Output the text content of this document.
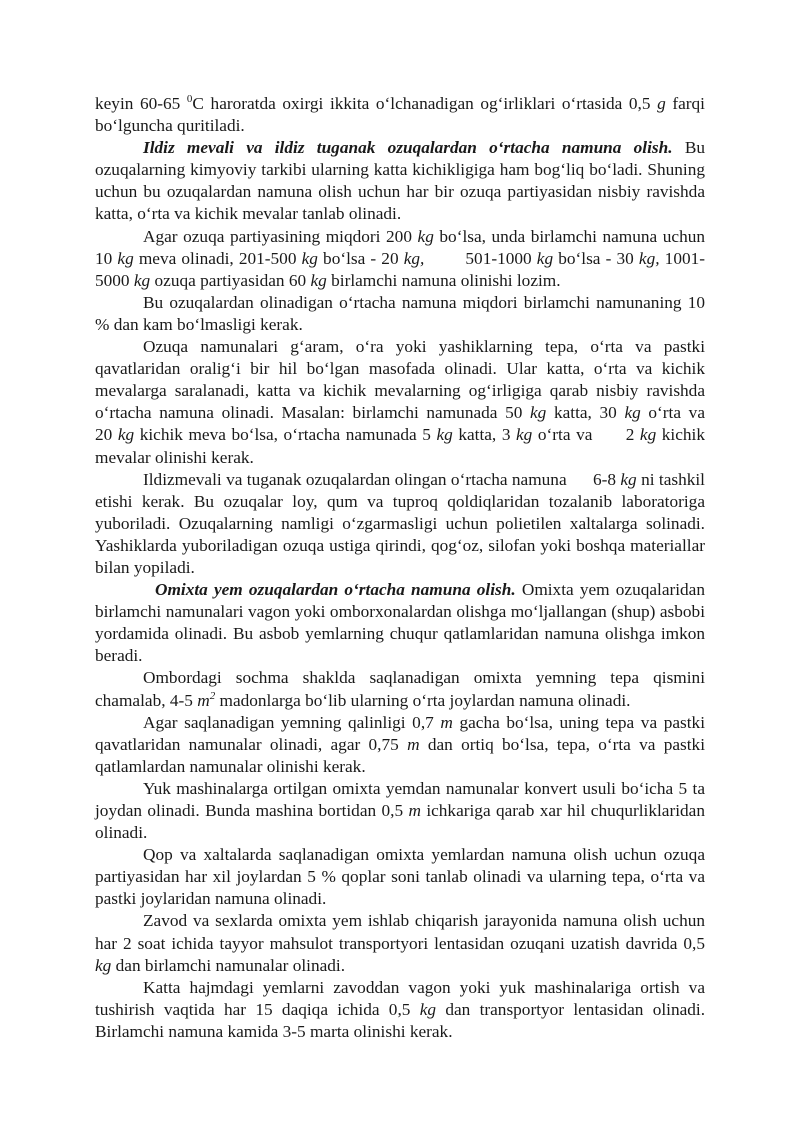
keyin 60-65 $^0$C haroratda oxirgi ikkita o‘lchanadigan og‘irliklari o‘rtasida 0,5 g farqi bo‘lguncha quritiladi.

Ildiz mevali va ildiz tuganak ozuqalardan o‘rtacha namuna olish. Bu ozuqalarning kimyoviy tarkibi ularning katta kichikligiga ham bog‘liq bo‘ladi. Shuning uchun bu ozuqalardan namuna olish uchun har bir ozuqa partiyasidan nisbiy ravishda katta, o‘rta va kichik mevalar tanlab olinadi.

Agar ozuqa partiyasining miqdori 200 kg bo‘lsa, unda birlamchi namuna uchun 10 kg meva olinadi, 201-500 kg bo‘lsa - 20 kg,        501-1000 kg bo‘lsa - 30 kg, 1001-5000 kg ozuqa partiyasidan 60 kg birlamchi namuna olinishi lozim.

Bu ozuqalardan olinadigan o‘rtacha namuna miqdori birlamchi namunaning 10 % dan kam bo‘lmasligi kerak.

Ozuqa namunalari g‘aram, o‘ra yoki yashiklarning tepa, o‘rta va pastki qavatlaridan oralig‘i bir hil bo‘lgan masofada olinadi. Ular katta, o‘rta va kichik mevalarga saralanadi, katta va kichik mevalarning og‘irligiga qarab nisbiy ravishda o‘rtacha namuna olinadi. Masalan: birlamchi namunada 50 kg katta, 30 kg o‘rta va      20 kg kichik meva bo‘lsa, o‘rtacha namunada 5 kg katta, 3 kg o‘rta va      2 kg kichik mevalar olinishi kerak.

Ildizmevali va tuganak ozuqalardan olingan o‘rtacha namuna      6-8 kg ni tashkil etishi kerak. Bu ozuqalar loy, qum va tuproq qoldiqlaridan tozalanib laboratoriga yuboriladi. Ozuqalarning namligi o‘zgarmasligi uchun polietilen xaltalarga solinadi. Yashiklarda yuboriladigan ozuqa ustiga qirindi, qog‘oz, silofan yoki boshqa materiallar bilan yopiladi.

Omixta yem ozuqalardan o‘rtacha namuna olish. Omixta yem ozuqalaridan birlamchi namunalari vagon yoki omborxonalardan olishga mo‘ljallangan (shup) asbobi yordamida olinadi. Bu asbob yemlarning chuqur qatlamlaridan namuna olishga imkon beradi.

Ombordagi sochma shaklda saqlanadigan omixta yemning tepa qismini chamalab, 4-5 $m^2$ madonlarga bo‘lib ularning o‘rta joylardan namuna olinadi.

Agar saqlanadigan yemning qalinligi 0,7 m gacha bo‘lsa, uning tepa va pastki qavatlaridan namunalar olinadi, agar 0,75 m dan ortiq bo‘lsa, tepa, o‘rta va pastki qatlamlardan namunalar olinishi kerak.

Yuk mashinalarga ortilgan omixta yemdan namunalar konvert usuli bo‘icha 5 ta joydan olinadi. Bunda mashina bortidan 0,5 m ichkariga qarab xar hil chuqurliklaridan olinadi.

Qop va xaltalarda saqlanadigan omixta yemlardan namuna olish uchun ozuqa partiyasidan har xil joylardan 5 % qoplar soni tanlab olinadi va ularning tepa, o‘rta va pastki joylaridan namuna olinadi.

Zavod va sexlarda omixta yem ishlab chiqarish jarayonida namuna olish uchun har 2 soat ichida tayyor mahsulot transportyori lentasidan ozuqani uzatish davrida 0,5 kg dan birlamchi namunalar olinadi.

Katta hajmdagi yemlarni zavoddan vagon yoki yuk mashinalariga ortish va tushirish vaqtida har 15 daqiqa ichida 0,5 kg dan transportyor lentasidan olinadi. Birlamchi namuna kamida 3-5 marta olinishi kerak.
